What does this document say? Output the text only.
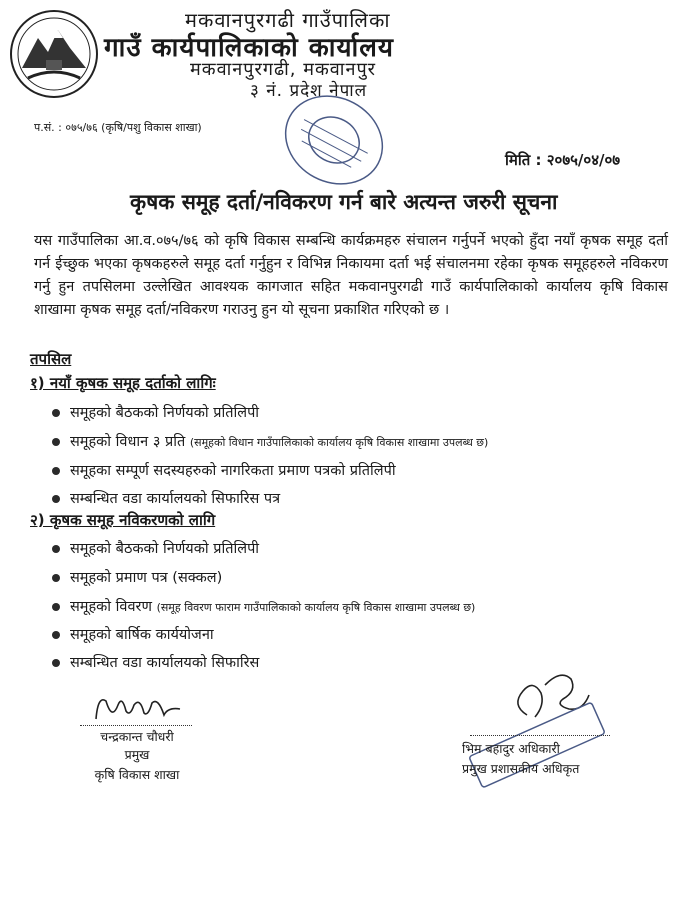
मकवानपुरगढी गाउँपालिका
गाउँ कार्यपालिकाको कार्यालय
मकवानपुरगढी, मकवानपुर
३ नं. प्रदेश नेपाल
प.सं. : ०७५/७६ (कृषि/पशु विकास शाखा)
मिति : २०७५/०४/०७
कृषक समूह दर्ता/नविकरण गर्न बारे अत्यन्त जरुरी सूचना
यस गाउँपालिका आ.व.०७५/७६ को कृषि विकास सम्बन्धि कार्यक्रमहरु संचालन गर्नुपर्ने भएको हुँदा नयाँ कृषक समूह दर्ता गर्न ईच्छुक भएका कृषकहरुले समूह दर्ता गर्नुहुन र विभिन्न निकायमा दर्ता भई संचालनमा रहेका कृषक समूहहरुले नविकरण गर्नु हुन तपसिलमा उल्लेखित आवश्यक कागजात सहित मकवानपुरगढी गाउँ कार्यपालिकाको कार्यालय कृषि विकास शाखामा कृषक समूह दर्ता/नविकरण गराउनु हुन यो सूचना प्रकाशित गरिएको छ ।
तपसिल
१) नयाँ कृषक समूह दर्ताको लागिः
समूहको बैठकको निर्णयको प्रतिलिपी
समूहको विधान ३ प्रति (समूहको विधान गाउँपालिकाको कार्यालय कृषि विकास शाखामा उपलब्ध छ)
समूहका सम्पूर्ण सदस्यहरुको नागरिकता प्रमाण पत्रको प्रतिलिपी
सम्बन्धित वडा कार्यालयको सिफारिस पत्र
२) कृषक समूह नविकरणको लागि
समूहको बैठकको निर्णयको प्रतिलिपी
समूहको प्रमाण पत्र (सक्कल)
समूहको विवरण (समूह विवरण फाराम गाउँपालिकाको कार्यालय कृषि विकास शाखामा उपलब्ध छ)
समूहको बार्षिक कार्ययोजना
सम्बन्धित वडा कार्यालयको सिफारिस
चन्द्रकान्त चौधरी
प्रमुख
कृषि विकास शाखा
भिम बहादुर अधिकारी
प्रमुख प्रशासकीय अधिकृत
